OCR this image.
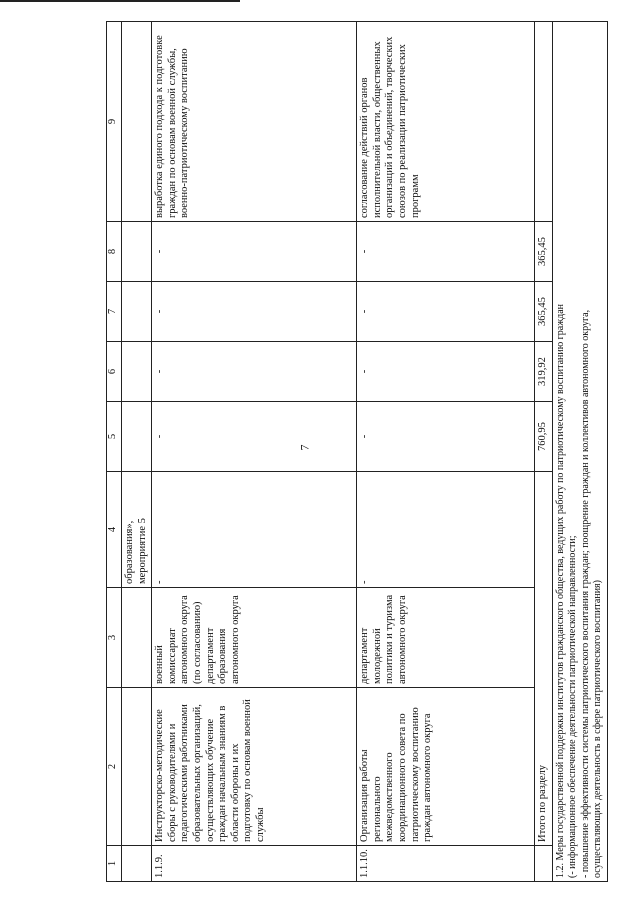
7
1	2	3	4	5	6	7	8	9
			образования», мероприятие 5					
1.1.9.	Инструкторско-методические сборы с руководителями и педагогическими работниками образовательных организаций, осуществляющих обучение граждан начальным знаниям в области обороны и их подготовку по основам военной службы	военный комиссариат автономного округа (по согласованию) департамент образования автономного округа	-	-	-	-	-	выработка единого подхода к подготовке граждан по основам военной службы, военно-патриотическому воспитанию
1.1.10.	Организация работы регионального межведомственного координационного совета по патриотическому воспитанию граждан автономного округа	департамент молодежной политики и туризма автономного округа	-	-	-	-	-	согласование действий органов исполнительной власти, общественных организаций и объединений, творческих союзов по реализации патриотических программ
	Итого по разделу			760,95	319,92	365,45	365,45	

1.2. Меры государственной поддержки институтов гражданского общества, ведущих работу по патриотическому воспитанию граждан (- информационное обеспечение деятельности патриотической направленности; - повышение эффективности системы патриотического воспитания граждан; поощрение граждан и коллективов автономного округа, осуществляющих деятельность в сфере патриотического воспитания)								
